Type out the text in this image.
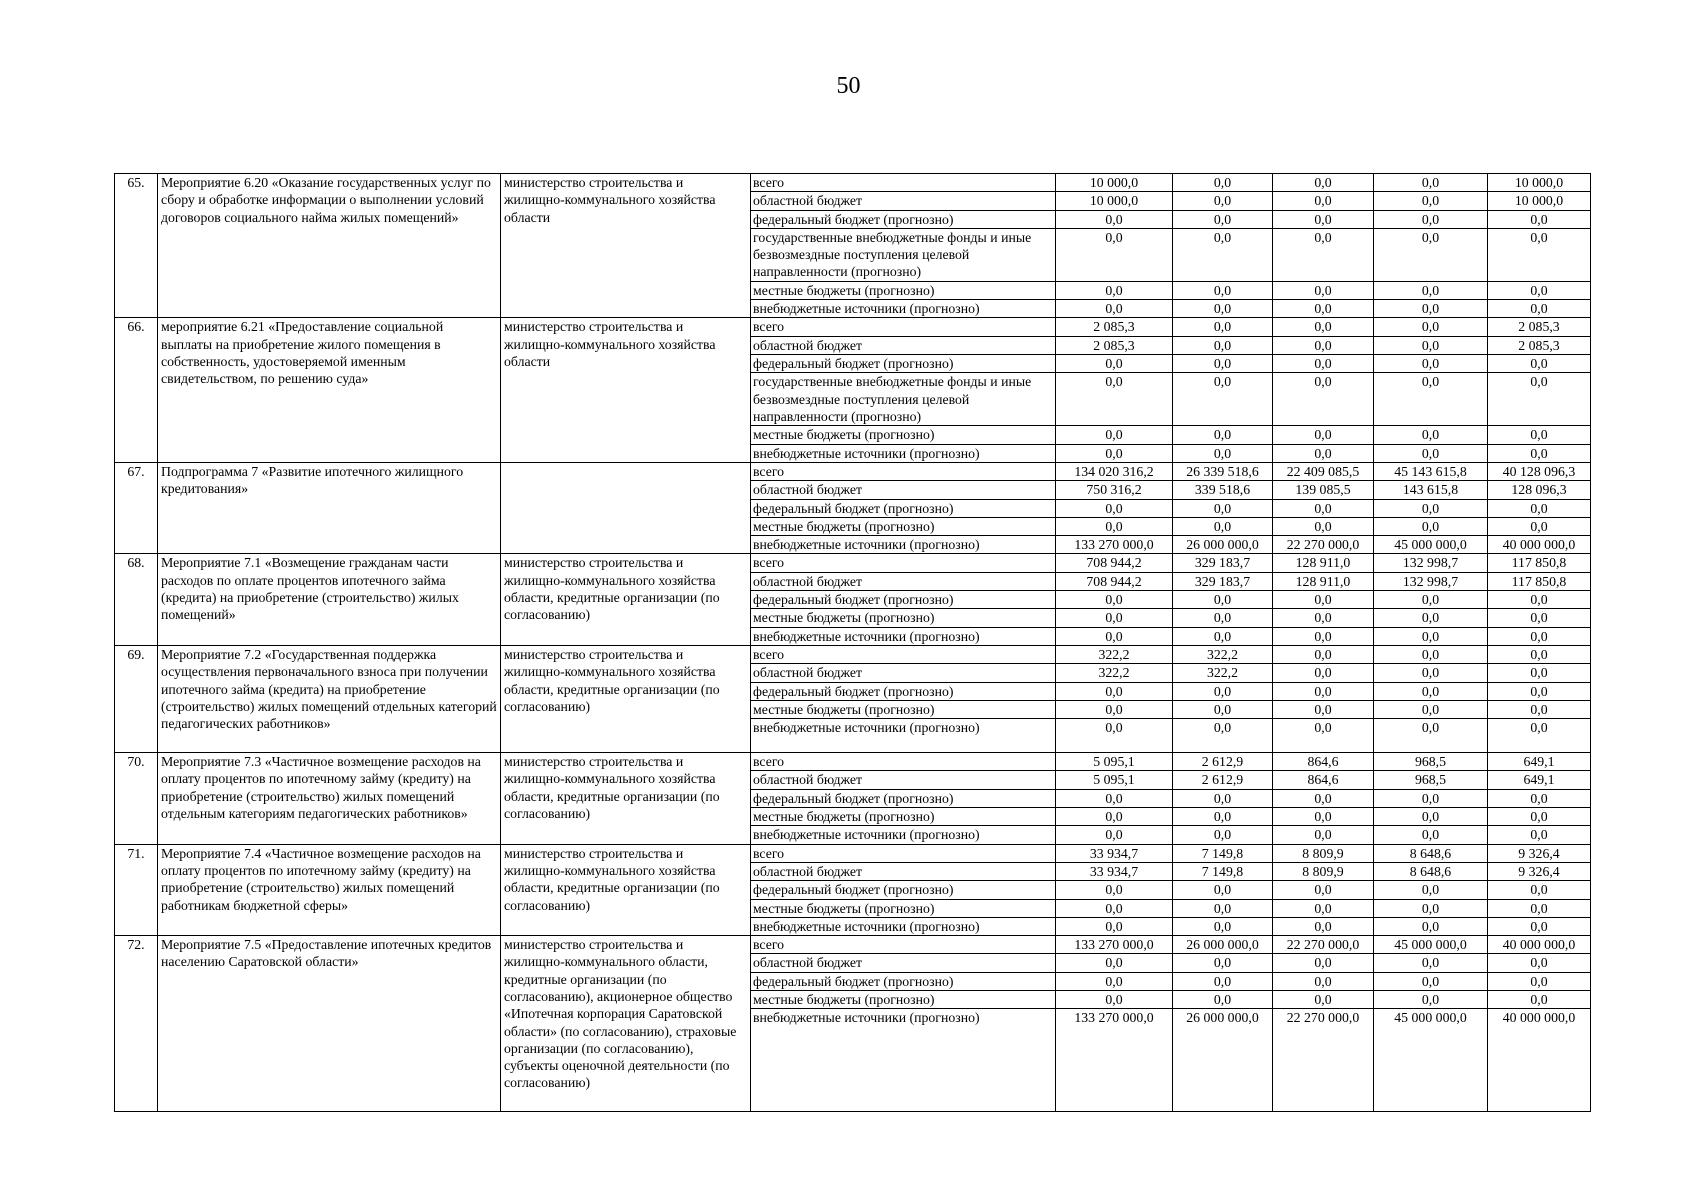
50
65.	Мероприятие 6.20 «Оказание государственных услуг по сбору и обработке информации о выполнении условий договоров социального найма жилых помещений»	министерство строительства и жилищно-коммунального хозяйства области	всего	10 000,0	0,0	0,0	0,0	10 000,0
			областной бюджет	10 000,0	0,0	0,0	0,0	10 000,0
			федеральный бюджет (прогнозно)	0,0	0,0	0,0	0,0	0,0
			государственные внебюджетные фонды и иные безвозмездные поступления целевой направленности (прогнозно)	0,0	0,0	0,0	0,0	0,0
			местные бюджеты (прогнозно)	0,0	0,0	0,0	0,0	0,0
			внебюджетные источники (прогнозно)	0,0	0,0	0,0	0,0	0,0
66.	мероприятие 6.21 «Предоставление социальной выплаты на приобретение жилого помещения в собственность, удостоверяемой именным свидетельством, по решению суда»	министерство строительства и жилищно-коммунального хозяйства области	всего	2 085,3	0,0	0,0	0,0	2 085,3
			областной бюджет	2 085,3	0,0	0,0	0,0	2 085,3
			федеральный бюджет (прогнозно)	0,0	0,0	0,0	0,0	0,0
			государственные внебюджетные фонды и иные безвозмездные поступления целевой направленности (прогнозно)	0,0	0,0	0,0	0,0	0,0
			местные бюджеты (прогнозно)	0,0	0,0	0,0	0,0	0,0
			внебюджетные источники (прогнозно)	0,0	0,0	0,0	0,0	0,0
67.	Подпрограмма 7 «Развитие ипотечного жилищного кредитования»		всего	134 020 316,2	26 339 518,6	22 409 085,5	45 143 615,8	40 128 096,3
			областной бюджет	750 316,2	339 518,6	139 085,5	143 615,8	128 096,3
			федеральный бюджет (прогнозно)	0,0	0,0	0,0	0,0	0,0
			местные бюджеты (прогнозно)	0,0	0,0	0,0	0,0	0,0
			внебюджетные источники (прогнозно)	133 270 000,0	26 000 000,0	22 270 000,0	45 000 000,0	40 000 000,0
68.	Мероприятие 7.1 «Возмещение гражданам части расходов по оплате процентов ипотечного займа (кредита) на приобретение (строительство) жилых помещений»	министерство строительства и жилищно-коммунального хозяйства области, кредитные организации (по согласованию)	всего	708 944,2	329 183,7	128 911,0	132 998,7	117 850,8
			областной бюджет	708 944,2	329 183,7	128 911,0	132 998,7	117 850,8
			федеральный бюджет (прогнозно)	0,0	0,0	0,0	0,0	0,0
			местные бюджеты (прогнозно)	0,0	0,0	0,0	0,0	0,0
			внебюджетные источники (прогнозно)	0,0	0,0	0,0	0,0	0,0
69.	Мероприятие 7.2 «Государственная поддержка осуществления первоначального взноса при получении ипотечного займа (кредита) на приобретение (строительство) жилых помещений отдельных категорий педагогических работников»	министерство строительства и жилищно-коммунального хозяйства области, кредитные организации (по согласованию)	всего	322,2	322,2	0,0	0,0	0,0
			областной бюджет	322,2	322,2	0,0	0,0	0,0
			федеральный бюджет (прогнозно)	0,0	0,0	0,0	0,0	0,0
			местные бюджеты (прогнозно)	0,0	0,0	0,0	0,0	0,0
			внебюджетные источники (прогнозно)	0,0	0,0	0,0	0,0	0,0
70.	Мероприятие 7.3 «Частичное возмещение расходов на оплату процентов по ипотечному займу (кредиту) на приобретение (строительство) жилых помещений отдельным категориям педагогических работников»	министерство строительства и жилищно-коммунального хозяйства области, кредитные организации (по согласованию)	всего	5 095,1	2 612,9	864,6	968,5	649,1
			областной бюджет	5 095,1	2 612,9	864,6	968,5	649,1
			федеральный бюджет (прогнозно)	0,0	0,0	0,0	0,0	0,0
			местные бюджеты (прогнозно)	0,0	0,0	0,0	0,0	0,0
			внебюджетные источники (прогнозно)	0,0	0,0	0,0	0,0	0,0
71.	Мероприятие 7.4 «Частичное возмещение расходов на оплату процентов по ипотечному займу (кредиту) на приобретение (строительство) жилых помещений работникам бюджетной сферы»	министерство строительства и жилищно-коммунального хозяйства области, кредитные организации (по согласованию)	всего	33 934,7	7 149,8	8 809,9	8 648,6	9 326,4
			областной бюджет	33 934,7	7 149,8	8 809,9	8 648,6	9 326,4
			федеральный бюджет (прогнозно)	0,0	0,0	0,0	0,0	0,0
			местные бюджеты (прогнозно)	0,0	0,0	0,0	0,0	0,0
			внебюджетные источники (прогнозно)	0,0	0,0	0,0	0,0	0,0
72.	Мероприятие 7.5 «Предоставление ипотечных кредитов населению Саратовской области»	министерство строительства и жилищно-коммунального области, кредитные организации (по согласованию), акционерное общество «Ипотечная корпорация Саратовской области» (по согласованию), страховые организации (по согласованию), субъекты оценочной деятельности (по согласованию)	всего	133 270 000,0	26 000 000,0	22 270 000,0	45 000 000,0	40 000 000,0
			областной бюджет	0,0	0,0	0,0	0,0	0,0
			федеральный бюджет (прогнозно)	0,0	0,0	0,0	0,0	0,0
			местные бюджеты (прогнозно)	0,0	0,0	0,0	0,0	0,0
			внебюджетные источники (прогнозно)	133 270 000,0	26 000 000,0	22 270 000,0	45 000 000,0	40 000 000,0
